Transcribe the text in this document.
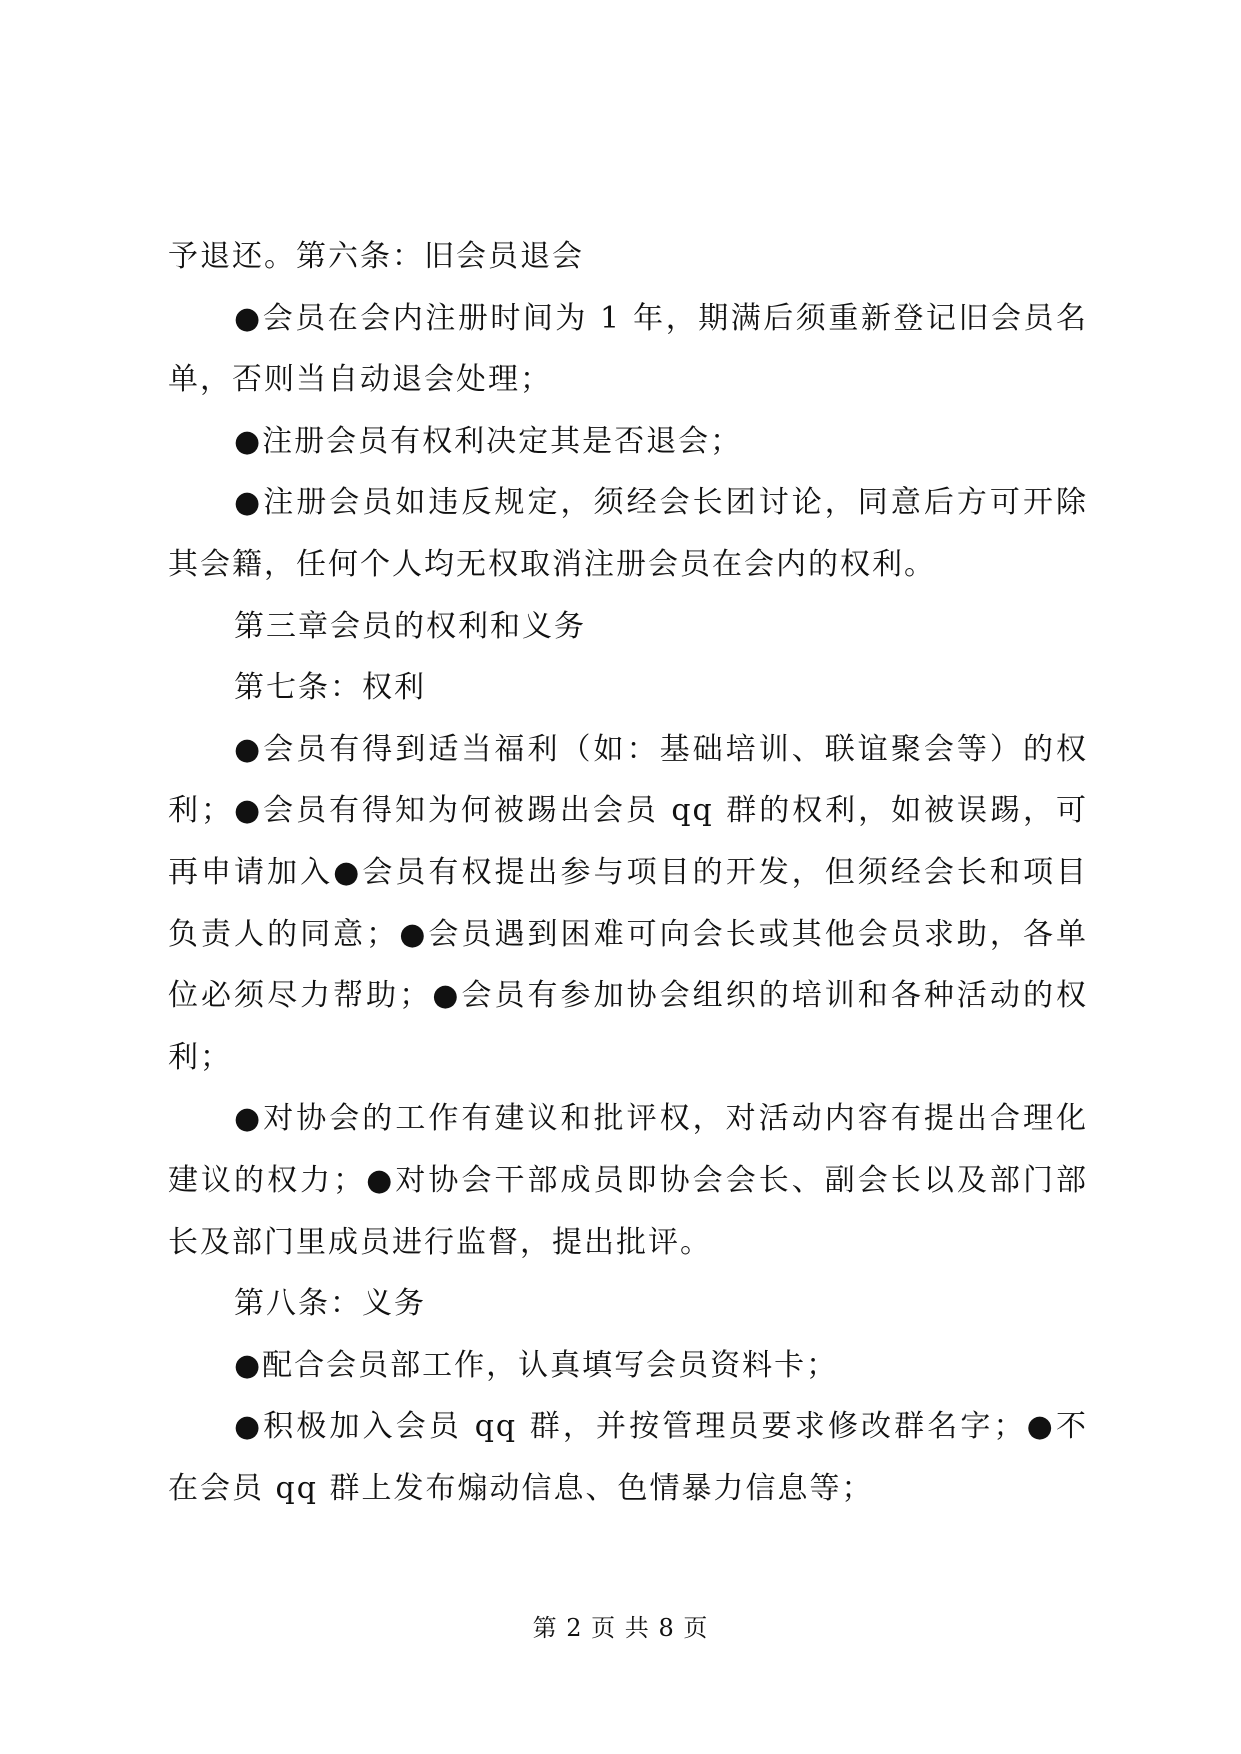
予退还。第六条：旧会员退会

●会员在会内注册时间为 1 年，期满后须重新登记旧会员名单，否则当自动退会处理；

●注册会员有权利决定其是否退会；

●注册会员如违反规定，须经会长团讨论，同意后方可开除其会籍，任何个人均无权取消注册会员在会内的权利。

第三章会员的权利和义务

第七条：权利

●会员有得到适当福利（如：基础培训、联谊聚会等）的权利；●会员有得知为何被踢出会员 qq 群的权利，如被误踢，可再申请加入●会员有权提出参与项目的开发，但须经会长和项目负责人的同意；●会员遇到困难可向会长或其他会员求助，各单位必须尽力帮助；●会员有参加协会组织的培训和各种活动的权利；

●对协会的工作有建议和批评权，对活动内容有提出合理化建议的权力；●对协会干部成员即协会会长、副会长以及部门部长及部门里成员进行监督，提出批评。

第八条：义务

●配合会员部工作，认真填写会员资料卡；

●积极加入会员 qq 群，并按管理员要求修改群名字；●不在会员 qq 群上发布煽动信息、色情暴力信息等；

第 2 页 共 8 页
